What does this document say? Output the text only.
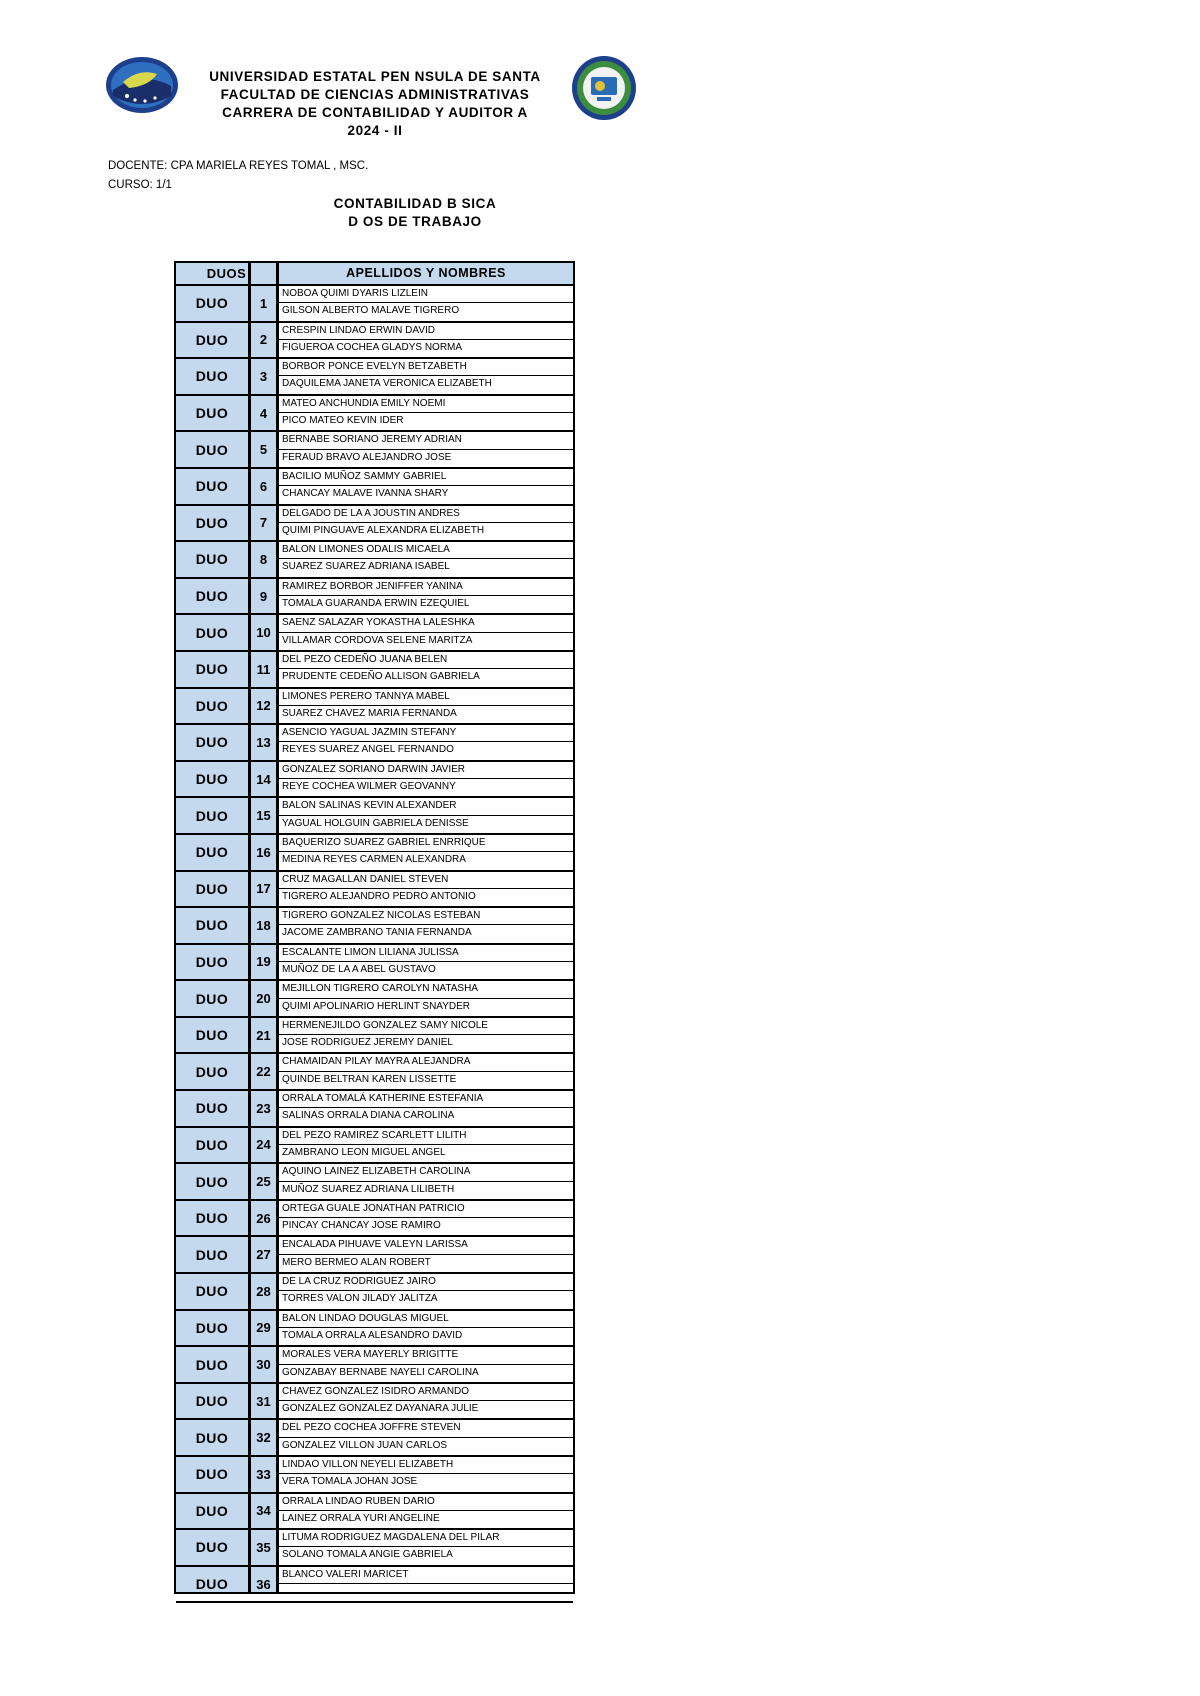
UNIVERSIDAD ESTATAL PEN NSULA DE SANTA
FACULTAD DE CIENCIAS ADMINISTRATIVAS
CARRERA DE CONTABILIDAD Y AUDITOR A
2024 - II
DOCENTE: CPA MARIELA REYES TOMAL , MSC.
CURSO: 1/1
CONTABILIDAD B SICA
D OS DE TRABAJO
DUOS	APELLIDOS Y NOMBRES
DUO	1
NOBOA QUIMI DYARIS LIZLEIN
GILSON ALBERTO MALAVE TIGRERO
DUO	2
CRESPIN LINDAO ERWIN DAVID
FIGUEROA COCHEA GLADYS NORMA
DUO	3
BORBOR PONCE EVELYN BETZABETH
DAQUILEMA JANETA VERONICA ELIZABETH
DUO	4
MATEO ANCHUNDIA EMILY NOEMI
PICO MATEO KEVIN IDER
DUO	5
BERNABE SORIANO JEREMY ADRIAN
FERAUD BRAVO ALEJANDRO JOSE
DUO	6
BACILIO MUÑOZ SAMMY GABRIEL
CHANCAY MALAVE IVANNA SHARY
DUO	7
DELGADO DE LA A JOUSTIN ANDRES
QUIMI PINGUAVE ALEXANDRA ELIZABETH
DUO	8
BALON LIMONES ODALIS MICAELA
SUAREZ SUAREZ ADRIANA ISABEL
DUO	9
RAMIREZ BORBOR JENIFFER YANINA
TOMALA GUARANDA ERWIN EZEQUIEL
DUO	10
SAENZ SALAZAR YOKASTHA LALESHKA
VILLAMAR CORDOVA SELENE MARITZA
DUO	11
DEL PEZO CEDEÑO JUANA BELEN
PRUDENTE CEDEÑO ALLISON GABRIELA
DUO	12
LIMONES PERERO TANNYA MABEL
SUAREZ CHAVEZ MARIA FERNANDA
DUO	13
ASENCIO YAGUAL JAZMIN STEFANY
REYES SUAREZ ANGEL FERNANDO
DUO	14
GONZALEZ SORIANO DARWIN JAVIER
REYE COCHEA WILMER GEOVANNY
DUO	15
BALON SALINAS KEVIN ALEXANDER
YAGUAL HOLGUIN GABRIELA DENISSE
DUO	16
BAQUERIZO SUAREZ GABRIEL ENRRIQUE
MEDINA REYES CARMEN ALEXANDRA
DUO	17
CRUZ MAGALLAN DANIEL STEVEN
TIGRERO ALEJANDRO PEDRO ANTONIO
DUO	18
TIGRERO GONZALEZ NICOLAS ESTEBAN
JACOME ZAMBRANO TANIA FERNANDA
DUO	19
ESCALANTE LIMON LILIANA JULISSA
MUÑOZ DE LA A ABEL GUSTAVO
DUO	20
MEJILLON TIGRERO CAROLYN NATASHA
QUIMI APOLINARIO HERLINT SNAYDER
DUO	21
HERMENEJILDO GONZALEZ SAMY NICOLE
JOSE RODRIGUEZ JEREMY DANIEL
DUO	22
CHAMAIDAN PILAY MAYRA ALEJANDRA
QUINDE BELTRAN KAREN LISSETTE
DUO	23
ORRALA TOMALÁ KATHERINE ESTEFANIA
SALINAS ORRALA DIANA CAROLINA
DUO	24
DEL PEZO RAMIREZ SCARLETT LILITH
ZAMBRANO LEON MIGUEL ANGEL
DUO	25
AQUINO LAINEZ ELIZABETH CAROLINA
MUÑOZ SUAREZ ADRIANA LILIBETH
DUO	26
ORTEGA GUALE JONATHAN PATRICIO
PINCAY CHANCAY JOSE RAMIRO
DUO	27
ENCALADA PIHUAVE VALEYN LARISSA
MERO BERMEO ALAN ROBERT
DUO	28
DE LA CRUZ RODRIGUEZ JAIRO
TORRES VALON JILADY JALITZA
DUO	29
BALON LINDAO DOUGLAS MIGUEL
TOMALA ORRALA ALESANDRO DAVID
DUO	30
MORALES VERA MAYERLY BRIGITTE
GONZABAY BERNABE NAYELI CAROLINA
DUO	31
CHAVEZ GONZALEZ ISIDRO ARMANDO
GONZALEZ GONZALEZ DAYANARA JULIE
DUO	32
DEL PEZO COCHEA JOFFRE STEVEN
GONZALEZ VILLON JUAN CARLOS
DUO	33
LINDAO VILLON NEYELI ELIZABETH
VERA TOMALA JOHAN JOSE
DUO	34
ORRALA LINDAO RUBEN DARIO
LAINEZ ORRALA YURI ANGELINE
DUO	35
LITUMA RODRIGUEZ MAGDALENA DEL PILAR
SOLANO TOMALA ANGIE GABRIELA
DUO	36
BLANCO VALERI MARICET
